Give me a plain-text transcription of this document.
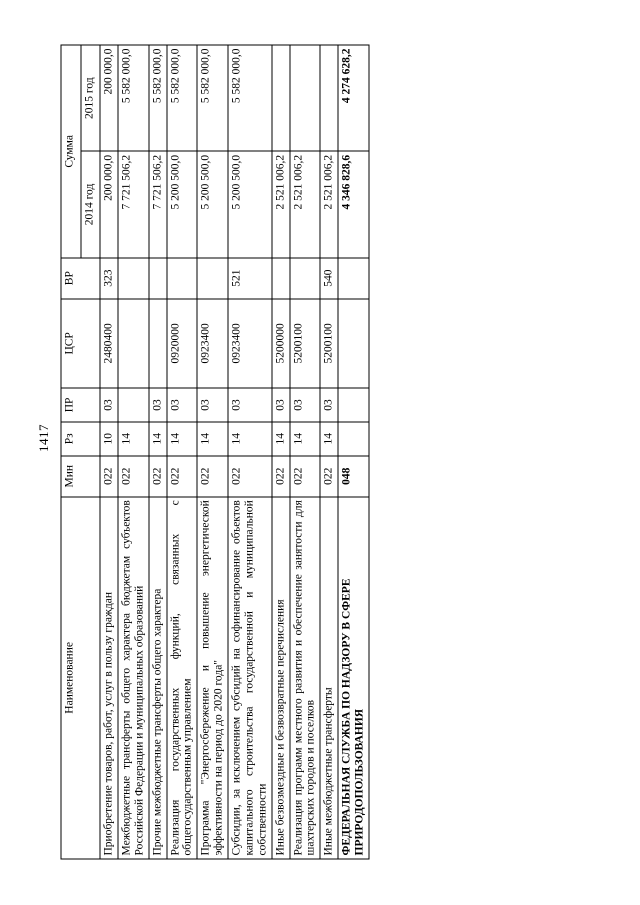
1417
Наименование	Мин	Рз	ПР	ЦСР	ВР	Сумма	
						2014 год	2015 год
Приобретение товаров, работ, услуг в пользу граждан	022	10	03	2480400	323	200 000,0	200 000,0
Межбюджетные трансферты общего характера бюджетам субъектов Российской Федерации и муниципальных образований	022	14				7 721 506,2	5 582 000,0
Прочие межбюджетные трансферты общего характера	022	14	03			7 721 506,2	5 582 000,0
Реализация государственных функций, связанных с общегосударственным управлением	022	14	03	0920000		5 200 500,0	5 582 000,0
Программа "Энергосбережение и повышение энергетической эффективности на период до 2020 года"	022	14	03	0923400		5 200 500,0	5 582 000,0
Субсидии, за исключением субсидий на софинансирование объектов капитального строительства государственной и муниципальной собственности	022	14	03	0923400	521	5 200 500,0	5 582 000,0
Иные безвозмездные и безвозвратные перечисления	022	14	03	5200000		2 521 006,2	
Реализация программ местного развития и обеспечение занятости для шахтерских городов и поселков	022	14	03	5200100		2 521 006,2	
Иные межбюджетные трансферты	022	14	03	5200100	540	2 521 006,2	
ФЕДЕРАЛЬНАЯ СЛУЖБА ПО НАДЗОРУ В СФЕРЕ ПРИРОДОПОЛЬЗОВАНИЯ	048					4 346 828,6	4 274 628,2
